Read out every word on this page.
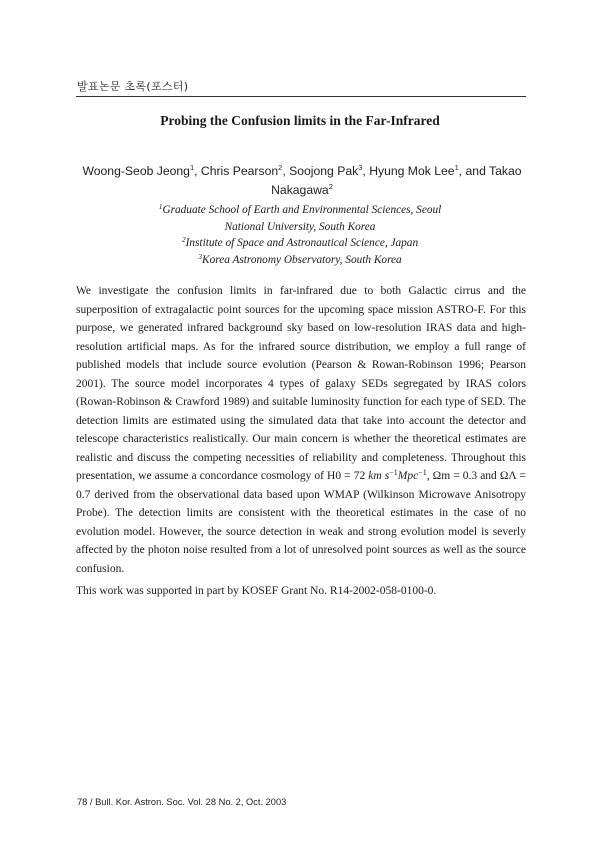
발표논문 초록(포스터)
Probing the Confusion limits in the Far-Infrared
Woong-Seob Jeong$^1$, Chris Pearson$^2$, Soojong Pak$^3$, Hyung Mok Lee$^1$, and Takao Nakagawa$^2$
$^1$Graduate School of Earth and Environmental Sciences, Seoul
National University, South Korea
$^2$Institute of Space and Astronautical Science, Japan
$^3$Korea Astronomy Observatory, South Korea
We investigate the confusion limits in far-infrared due to both Galactic cirrus and the superposition of extragalactic point sources for the upcoming space mission ASTRO-F. For this purpose, we generated infrared background sky based on low-resolution IRAS data and high-resolution artificial maps. As for the infrared source distribution, we employ a full range of published models that include source evolution (Pearson & Rowan-Robinson 1996; Pearson 2001). The source model incorporates 4 types of galaxy SEDs segregated by IRAS colors (Rowan-Robinson & Crawford 1989) and suitable luminosity function for each type of SED. The detection limits are estimated using the simulated data that take into account the detector and telescope characteristics realistically. Our main concern is whether the theoretical estimates are realistic and discuss the competing necessities of reliability and completeness. Throughout this presentation, we assume a concordance cosmology of H0 = 72 km $s^{-1}Mpc^{-1}$, Ωm = 0.3 and ΩΛ = 0.7 derived from the observational data based upon WMAP (Wilkinson Microwave Anisotropy Probe). The detection limits are consistent with the theoretical estimates in the case of no evolution model. However, the source detection in weak and strong evolution model is severly affected by the photon noise resulted from a lot of unresolved point sources as well as the source confusion.
This work was supported in part by KOSEF Grant No. R14-2002-058-0100-0.
78 / Bull. Kor. Astron. Soc. Vol. 28 No. 2, Oct. 2003
